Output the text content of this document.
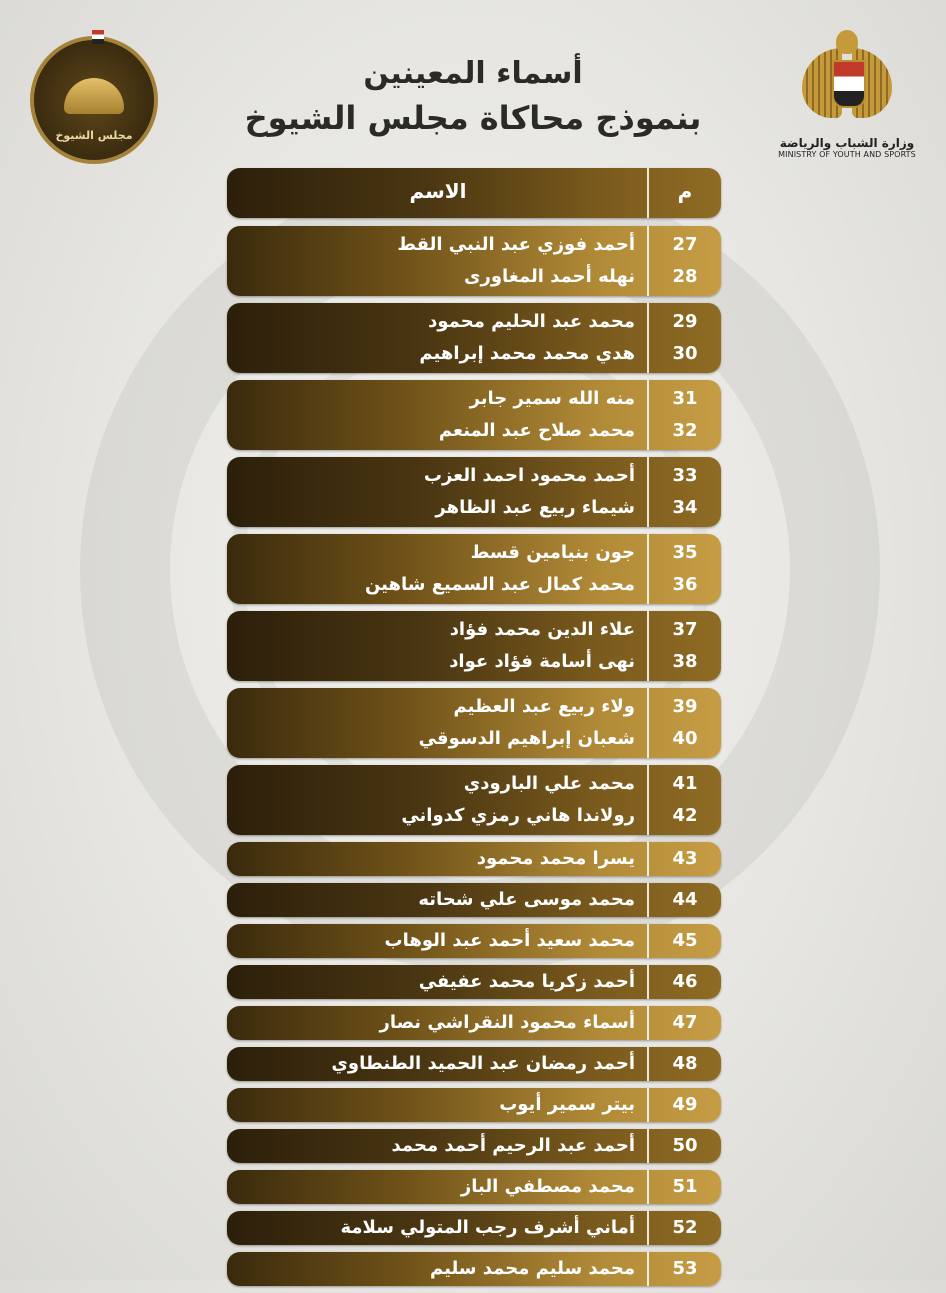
مجلس الشيوخ
أسماء المعينين
بنموذج محاكاة مجلس الشيوخ
وزارة الشباب والرياضة
MINISTRY OF YOUTH AND SPORTS
م
الاسم
27
أحمد فوزي عبد النبي القط
28
نهله أحمد المغاورى
29
محمد عبد الحليم محمود
30
هدي محمد محمد إبراهيم
31
منه الله سمير جابر
32
محمد صلاح عبد المنعم
33
أحمد محمود احمد العزب
34
شيماء ربيع عبد الظاهر
35
جون بنيامين قسط
36
محمد كمال عبد السميع شاهين
37
علاء الدين محمد فؤاد
38
نهى أسامة فؤاد عواد
39
ولاء ربيع عبد العظيم
40
شعبان إبراهيم الدسوقي
41
محمد علي البارودي
42
رولاندا هاني رمزي كدواني
43
يسرا محمد محمود
44
محمد موسى علي شحاته
45
محمد سعيد أحمد عبد الوهاب
46
أحمد زكريا محمد عفيفي
47
أسماء محمود النقراشي نصار
48
أحمد رمضان عبد الحميد الطنطاوي
49
بيتر سمير أيوب
50
أحمد عبد الرحيم أحمد محمد
51
محمد مصطفي الباز
52
أماني أشرف رجب المتولي سلامة
53
محمد سليم محمد سليم
